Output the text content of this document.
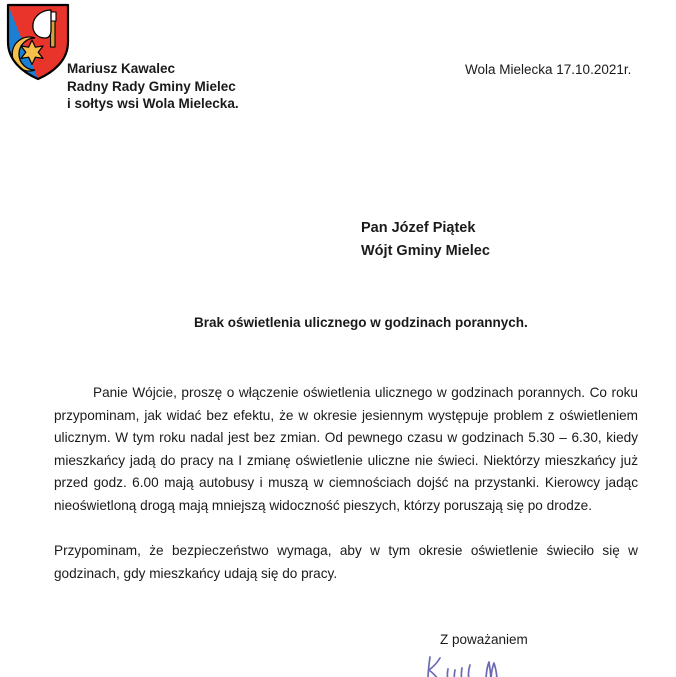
Mariusz Kawalec
Radny Rady Gminy Mielec
i sołtys wsi Wola Mielecka.
Wola Mielecka 17.10.2021r.
Pan Józef Piątek
Wójt Gminy Mielec
Brak oświetlenia ulicznego w godzinach porannych.

Panie Wójcie, proszę o włączenie oświetlenia ulicznego w godzinach porannych. Co roku przypominam, jak widać bez efektu, że w okresie jesiennym występuje problem z oświetleniem ulicznym. W tym roku nadal jest bez zmian. Od pewnego czasu w godzinach 5.30 – 6.30, kiedy mieszkańcy jadą do pracy na I zmianę oświetlenie uliczne nie świeci. Niektórzy mieszkańcy już przed godz. 6.00 mają autobusy i muszą w ciemnościach dojść na przystanki. Kierowcy jadąc nieoświetloną drogą mają mniejszą widoczność pieszych, którzy poruszają się po drodze.

Przypominam, że bezpieczeństwo wymaga, aby w tym okresie oświetlenie świeciło się w godzinach, gdy mieszkańcy udają się do pracy.

Z poważaniem
